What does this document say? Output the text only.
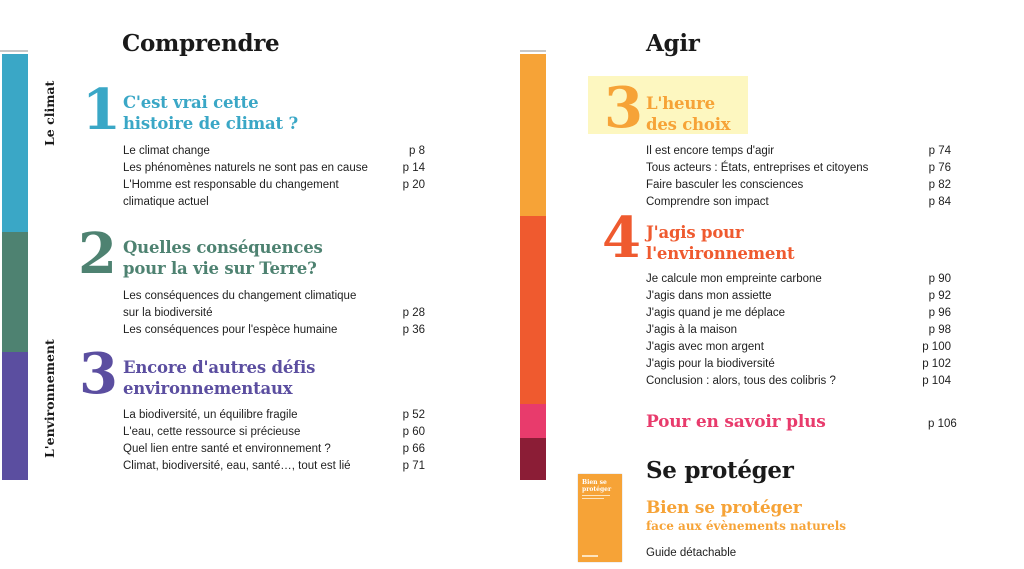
Le climat
L'environnement
Comprendre
1 C'est vrai cette
histoire de climat ?
Le climat change	p 8
Les phénomènes naturels ne sont pas en cause	p 14
L'Homme est responsable du changement	p 20
climatique actuel
2 Quelles conséquences
pour la vie sur Terre?
Les conséquences du changement climatique
sur la biodiversité	p 28
Les conséquences pour l'espèce humaine	p 36
3 Encore d'autres défis
environnementaux
La biodiversité, un équilibre fragile	p 52
L'eau, cette ressource si précieuse	p 60
Quel lien entre santé et environnement ?	p 66
Climat, biodiversité, eau, santé…, tout est lié	p 71
Agir
3 L'heure
des choix
Il est encore temps d'agir	p 74
Tous acteurs : États, entreprises et citoyens	p 76
Faire basculer les consciences	p 82
Comprendre son impact	p 84
4 J'agis pour
l'environnement
Je calcule mon empreinte carbone	p 90
J'agis dans mon assiette	p 92
J'agis quand je me déplace	p 96
J'agis à la maison	p 98
J'agis avec mon argent	p 100
J'agis pour la biodiversité	p 102
Conclusion : alors, tous des colibris ?	p 104
Pour en savoir plus	p 106
Se protéger
Bien se protéger
Bien se protéger
face aux évènements naturels
Guide détachable
